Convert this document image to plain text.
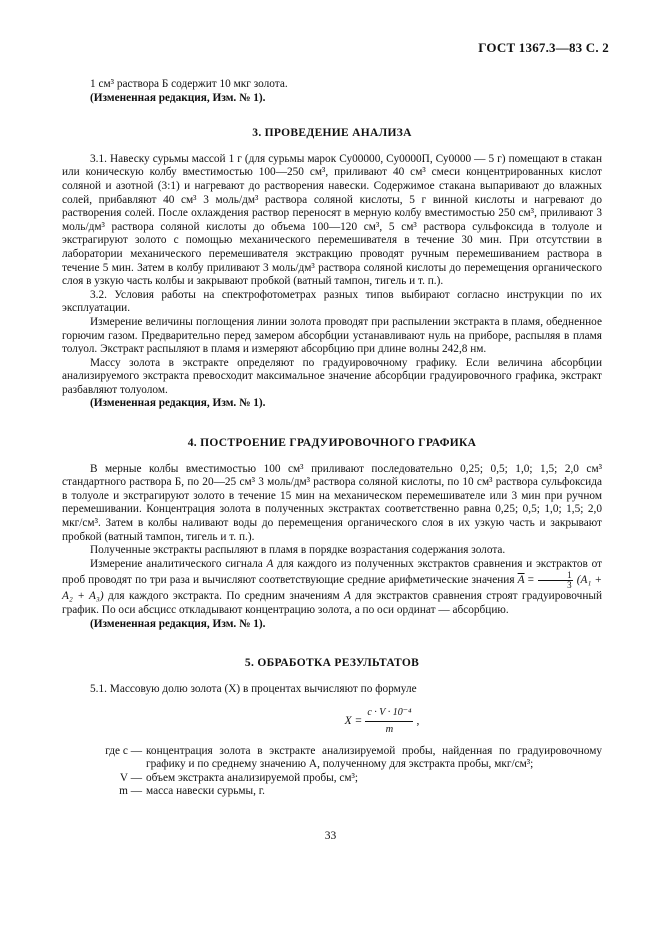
ГОСТ 1367.3—83 С. 2

1 см³ раствора Б содержит 10 мкг золота.

(Измененная редакция, Изм. № 1).

3. ПРОВЕДЕНИЕ АНАЛИЗА

3.1. Навеску сурьмы массой 1 г (для сурьмы марок Су00000, Су0000П, Су0000 — 5 г) помещают в стакан или коническую колбу вместимостью 100—250 см³, приливают 40 см³ смеси концентрированных кислот соляной и азотной (3:1) и нагревают до растворения навески. Содержимое стакана выпаривают до влажных солей, прибавляют 40 см³ 3 моль/дм³ раствора соляной кислоты, 5 г винной кислоты и нагревают до растворения солей. После охлаждения раствор переносят в мерную колбу вместимостью 250 см³, приливают 3 моль/дм³ раствора соляной кислоты до объема 100—120 см³, 5 см³ раствора сульфоксида в толуоле и экстрагируют золото с помощью механического перемешивателя в течение 30 мин. При отсутствии в лаборатории механического перемешивателя экстракцию проводят ручным перемешиванием раствора в течение 5 мин. Затем в колбу приливают 3 моль/дм³ раствора соляной кислоты до перемещения органического слоя в узкую часть колбы и закрывают пробкой (ватный тампон, тигель и т. п.).

3.2. Условия работы на спектрофотометрах разных типов выбирают согласно инструкции по их эксплуатации.

Измерение величины поглощения линии золота проводят при распылении экстракта в пламя, обедненное горючим газом. Предварительно перед замером абсорбции устанавливают нуль на приборе, распыляя в пламя толуол. Экстракт распыляют в пламя и измеряют абсорбцию при длине волны 242,8 нм.

Массу золота в экстракте определяют по градуировочному графику. Если величина абсорбции анализируемого экстракта превосходит максимальное значение абсорбции градуировочного графика, экстракт разбавляют толуолом.

(Измененная редакция, Изм. № 1).

4. ПОСТРОЕНИЕ ГРАДУИРОВОЧНОГО ГРАФИКА

В мерные колбы вместимостью 100 см³ приливают последовательно 0,25; 0,5; 1,0; 1,5; 2,0 см³ стандартного раствора Б, по 20—25 см³ 3 моль/дм³ раствора соляной кислоты, по 10 см³ раствора сульфоксида в толуоле и экстрагируют золото в течение 15 мин на механическом перемешивателе или 3 мин при ручном перемешивании. Концентрация золота в полученных экстрактах соответственно равна 0,25; 0,5; 1,0; 1,5; 2,0 мкг/см³. Затем в колбы наливают воды до перемещения органического слоя в их узкую часть и закрывают пробкой (ватный тампон, тигель и т. п.).

Полученные экстракты распыляют в пламя в порядке возрастания содержания золота.

Измерение аналитического сигнала A для каждого из полученных экстрактов сравнения и экстрактов от проб проводят по три раза и вычисляют соответствующие средние арифметические значения $\overline{A} = \frac{1}{3} (A_1 + A_2 + A_3)$ для каждого экстракта. По средним значениям A для экстрактов сравнения строят градуировочный график. По оси абсцисс откладывают концентрацию золота, а по оси ординат — абсорбцию.

(Измененная редакция, Изм. № 1).

5. ОБРАБОТКА РЕЗУЛЬТАТОВ

5.1. Массовую долю золота (X) в процентах вычисляют по формуле

$X = \frac{\text{c · V · 10⁻⁴}}{m}$ ,
где c — концентрация золота в экстракте анализируемой пробы, найденная по градуировочному графику и по среднему значению A, полученному для экстракта пробы, мкг/см³;
V — объем экстракта анализируемой пробы, см³;
m — масса навески сурьмы, г.
33
